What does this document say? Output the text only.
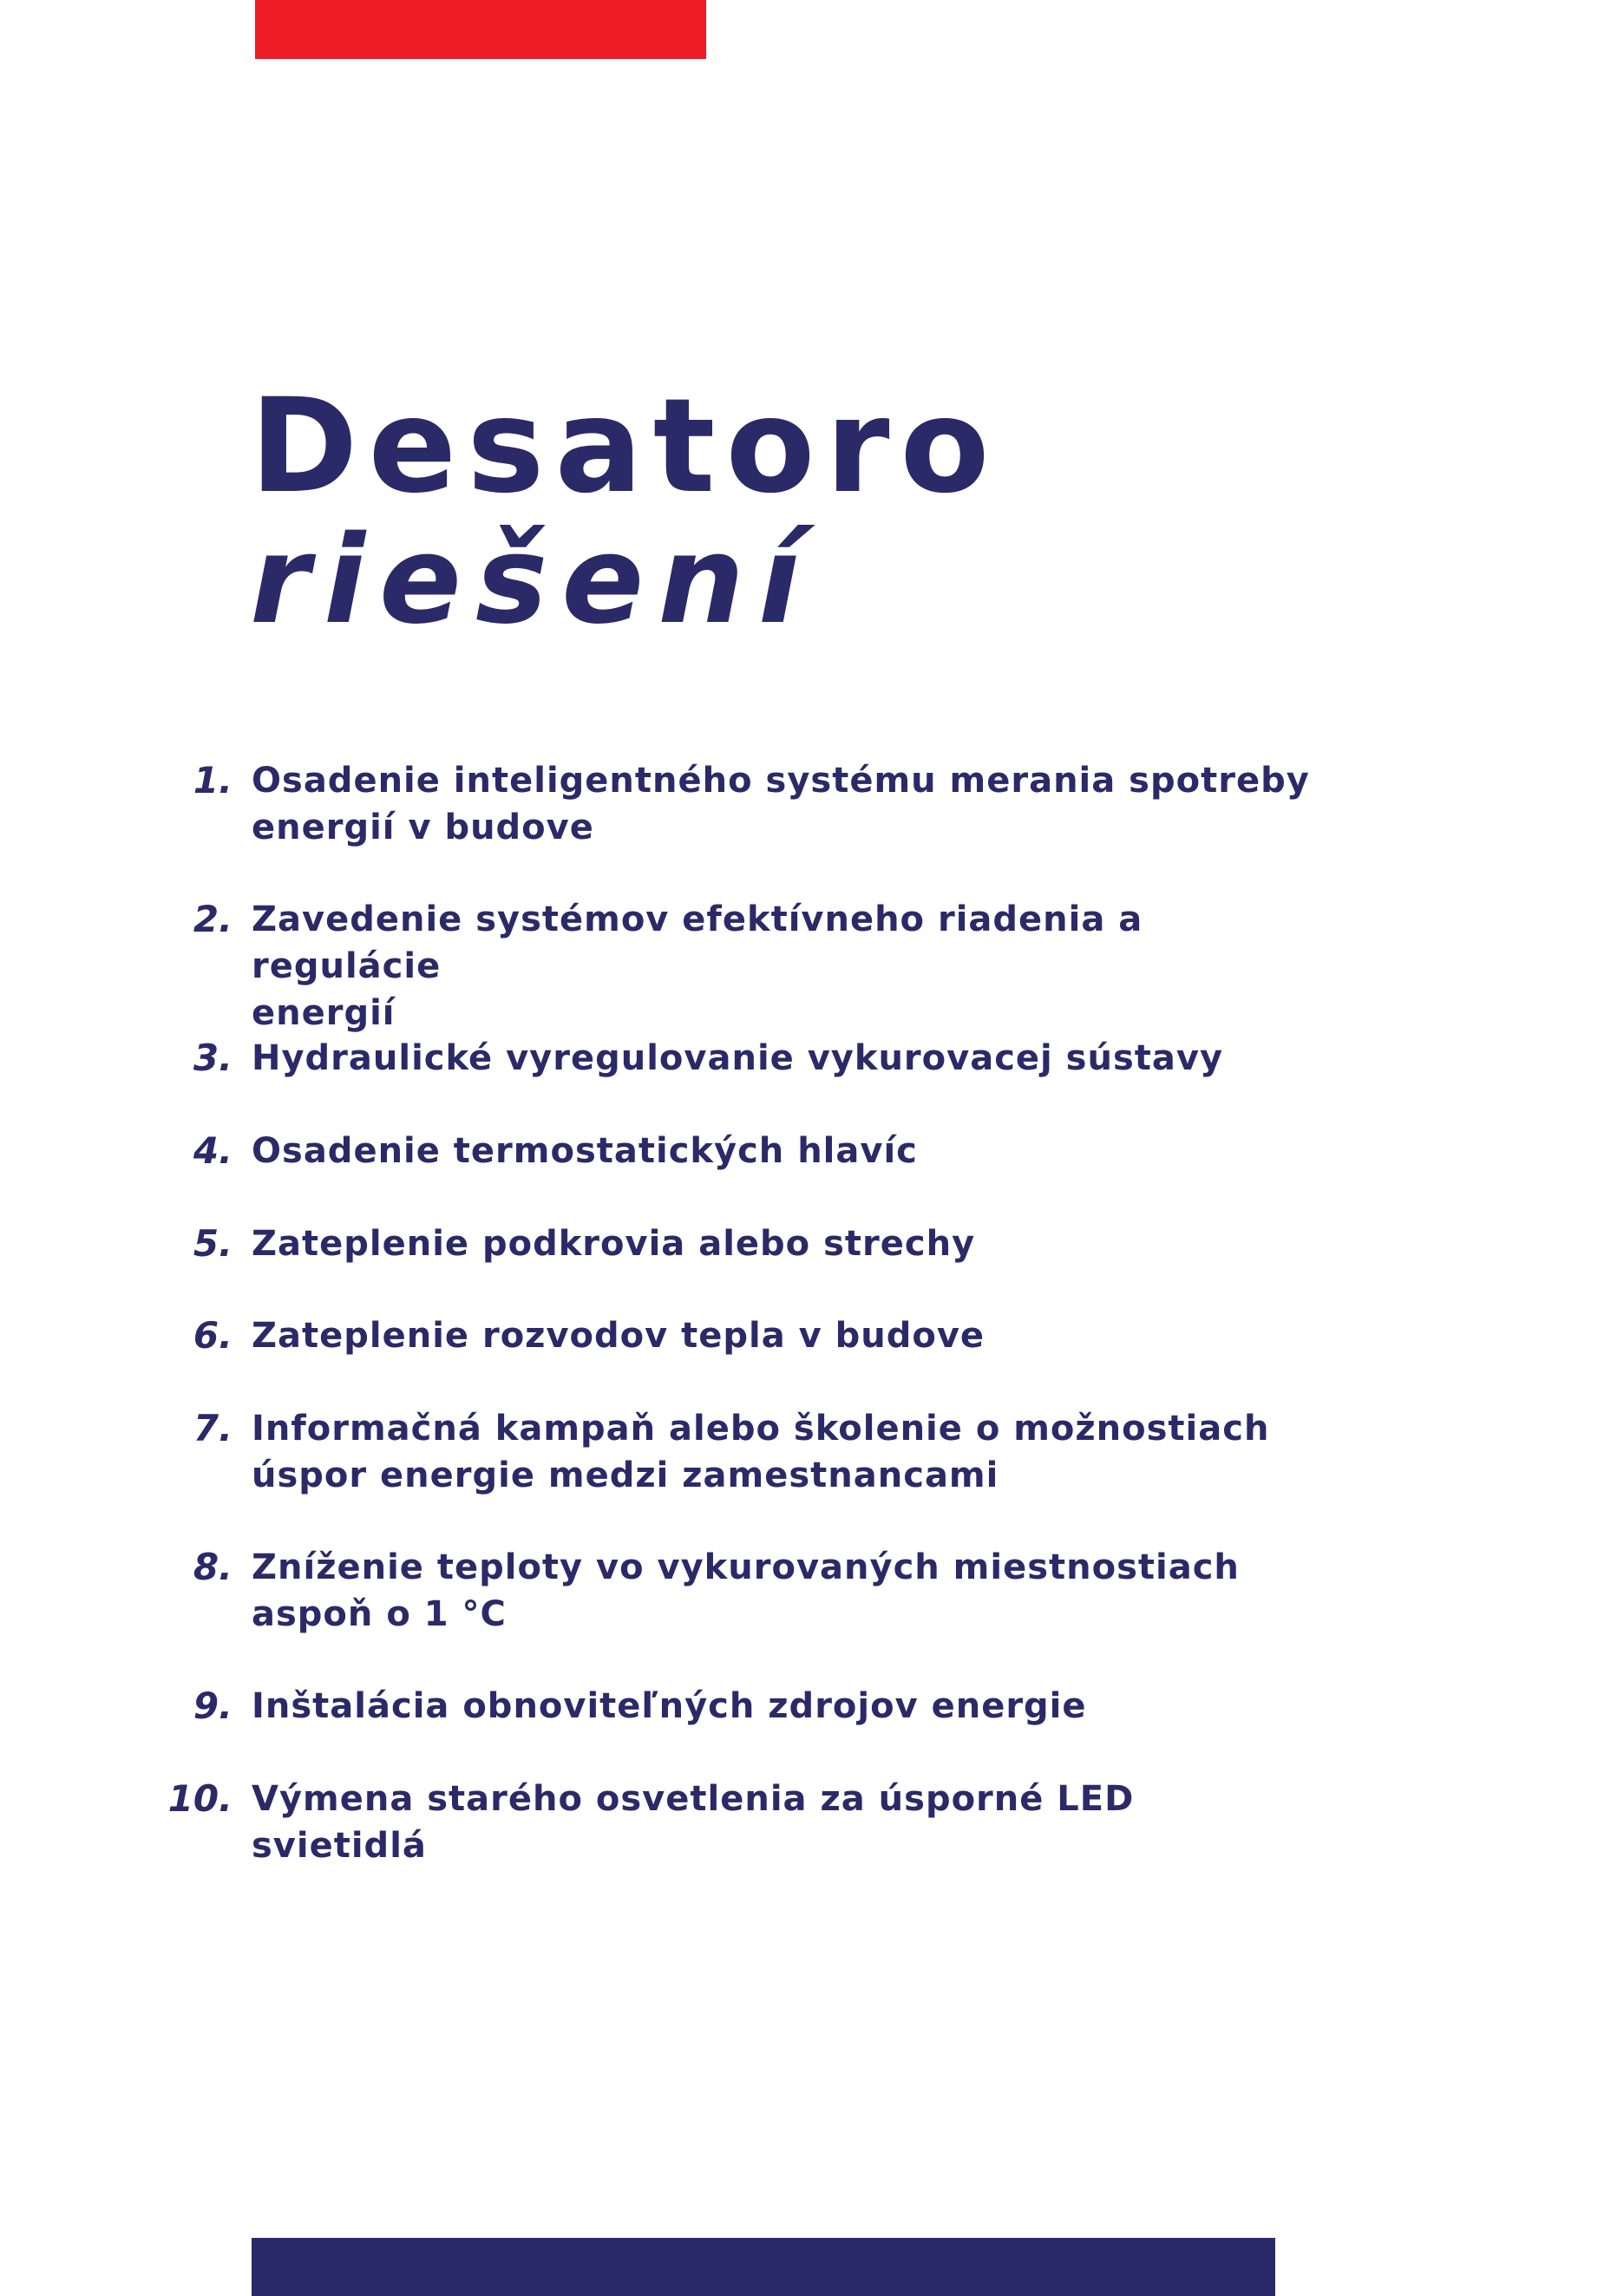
Desatoro
riešení
1. Osadenie inteligentného systému merania spotreby
energií v budove
2. Zavedenie systémov efektívneho riadenia a regulácie
energií
3. Hydraulické vyregulovanie vykurovacej sústavy
4. Osadenie termostatických hlavíc
5. Zateplenie podkrovia alebo strechy
6. Zateplenie rozvodov tepla v budove
7. Informačná kampaň alebo školenie o možnostiach
úspor energie medzi zamestnancami
8. Zníženie teploty vo vykurovaných miestnostiach
aspoň o 1 °C
9. Inštalácia obnoviteľných zdrojov energie
10. Výmena starého osvetlenia za úsporné LED svietidlá
